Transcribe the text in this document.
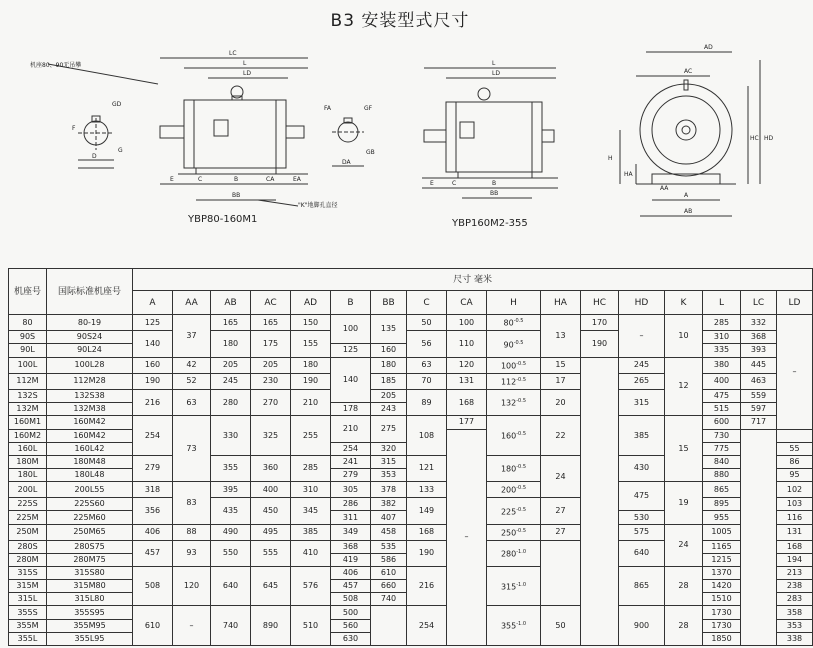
B3 安装型式尺寸
LC
L
LD
E	C	B	CA	EA
BB
F
GD
D
G
机座80、90无吊攀
"K"地脚孔直径
YBP80-160M1
L
LD
E	C	B
BB
FA	GF
DA
GB
YBP160M2-355
AD
AC
HD
HC
H
HA
AA
A
AB
机座号	国际标准机座号	尺寸 毫米																
		A	AA	AB	AC	AD	B	BB	C	CA	H	HA	HC	HD	K	L	LC	LD
80	80-19	125	37	165	165	150	100	135	50	100	$80^{-0.5}$	13	170	–	10	285	332	–
90S	90S24	140		180	175	155			56	110	$90^{-0.5}$		190			310	368	
90L	90L24						125	160								335	393	
100L	100L28	160	42	205	205	180	140	180	63	120	$100^{-0.5}$	15		245	12	380	445	
112M	112M28	190	52	245	230	190		185	70	131	$112^{-0.5}$	17		265		400	463	
132S	132S38	216	63	280	270	210		205	89	168	$132^{-0.5}$	20		315		475	559	
132M	132M38						178	243								515	597	
160M1	160M42	254	73	330	325	255	210	275	108	177	$160^{-0.5}$	22		385	15	600	717	
160M2	160M42									–						730		
160L	160L42						254	320								775		55
180M	180M48	279		355	360	285	241	315	121		$180^{-0.5}$	24		430		840		86
180L	180L48						279	353								880		95
200L	200L55	318	83	395	400	310	305	378	133		$200^{-0.5}$			475	19	865		102
225S	225S60	356		435	450	345	286	382	149		$225^{-0.5}$	27				895		103
225M	225M60						311	407						530		955		116
250M	250M65	406	88	490	495	385	349	458	168		$250^{-0.5}$	27		575	24	1005		131
280S	280S75	457	93	550	555	410	368	535	190		$280^{-1.0}$			640		1165		168
280M	280M75						419	586								1215		194
315S	315S80	508	120	640	645	576	406	610	216		$315^{-1.0}$			865	28	1370		213
315M	315M80						457	660								1420		238
315L	315L80						508	740								1510		283
355S	355S95	610	–	740	890	510	500		254		$355^{-1.0}$	50		900	28	1730		358
355M	355M95						560									1730		353
355L	355L95						630									1850		338
